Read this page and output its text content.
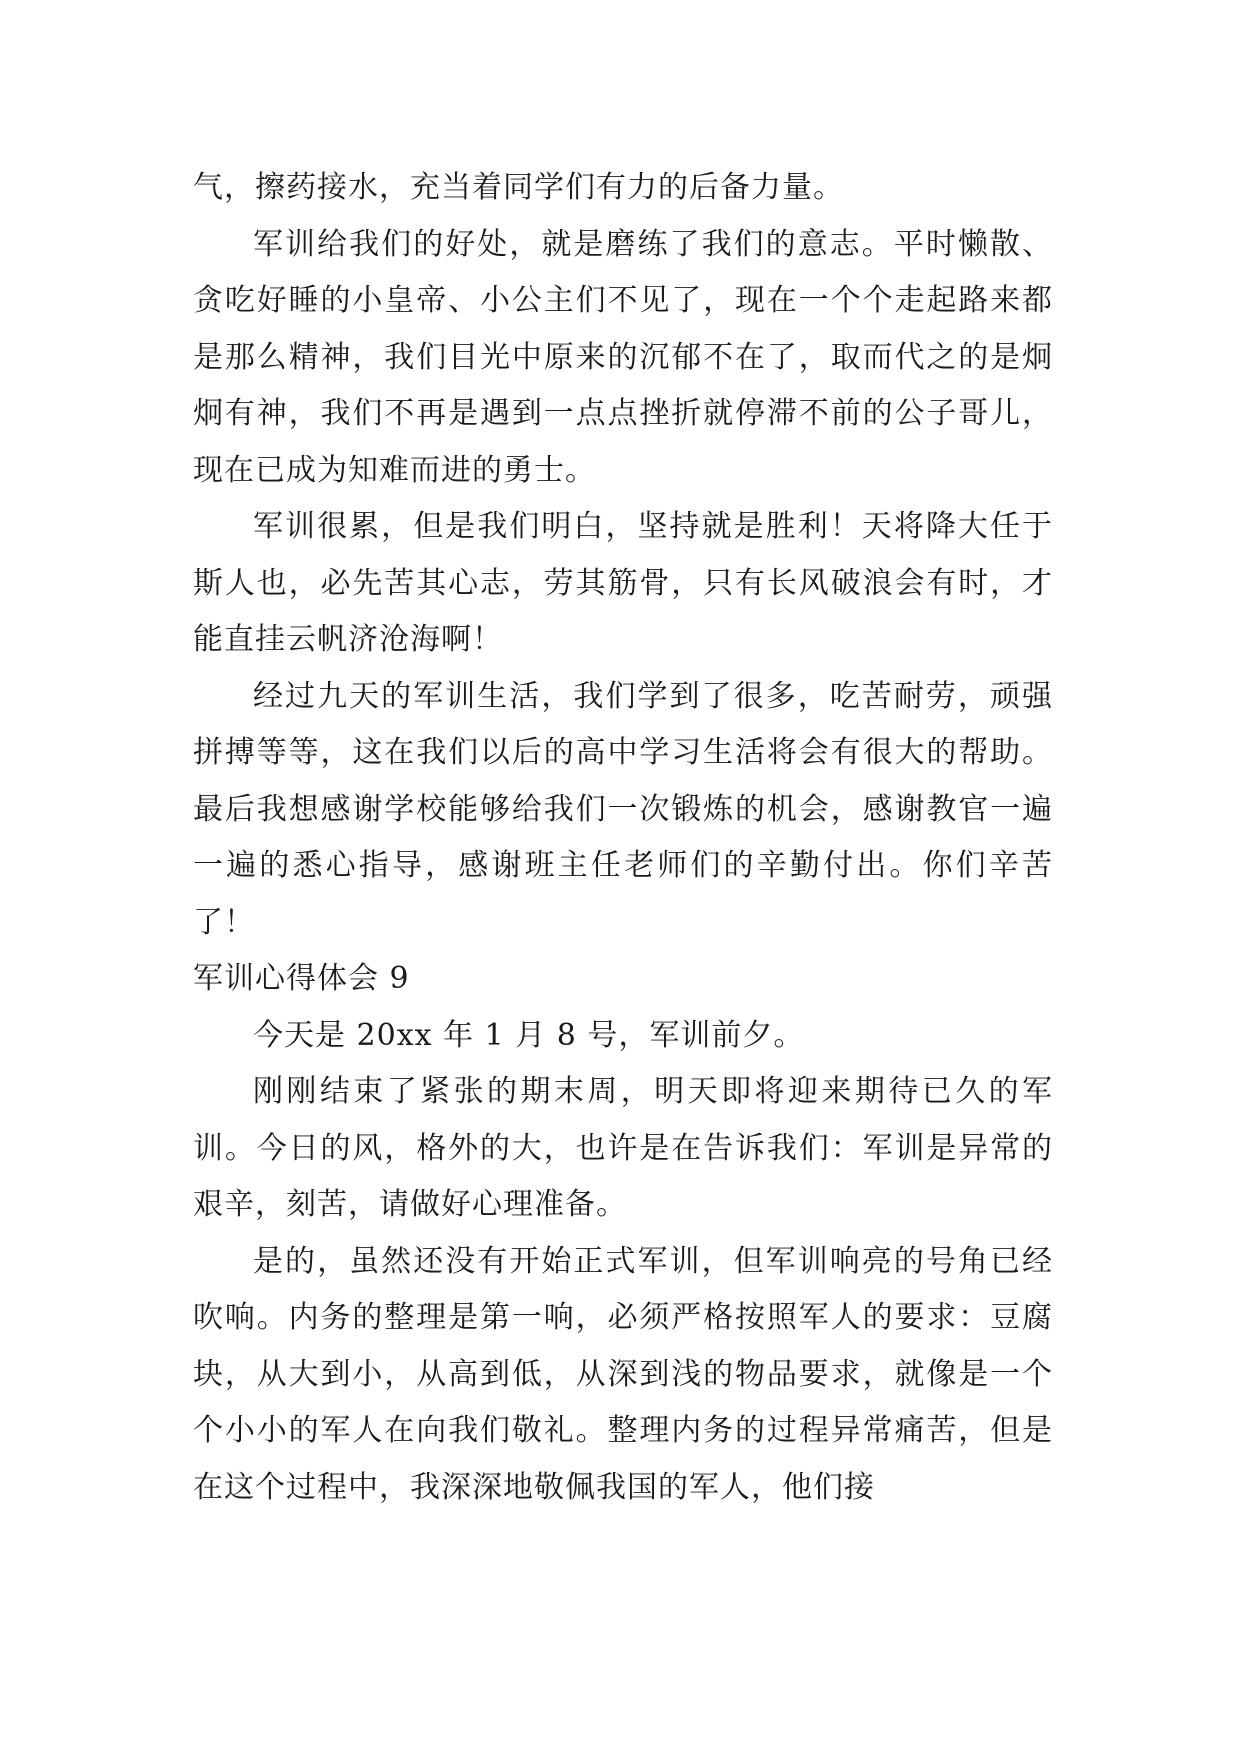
气，擦药接水，充当着同学们有力的后备力量。

军训给我们的好处，就是磨练了我们的意志。平时懒散、贪吃好睡的小皇帝、小公主们不见了，现在一个个走起路来都是那么精神，我们目光中原来的沉郁不在了，取而代之的是炯炯有神，我们不再是遇到一点点挫折就停滞不前的公子哥儿，现在已成为知难而进的勇士。

军训很累，但是我们明白，坚持就是胜利！天将降大任于斯人也，必先苦其心志，劳其筋骨，只有长风破浪会有时，才能直挂云帆济沧海啊！

经过九天的军训生活，我们学到了很多，吃苦耐劳，顽强拼搏等等，这在我们以后的高中学习生活将会有很大的帮助。最后我想感谢学校能够给我们一次锻炼的机会，感谢教官一遍一遍的悉心指导，感谢班主任老师们的辛勤付出。你们辛苦了！

军训心得体会 9

今天是 20xx 年 1 月 8 号，军训前夕。

刚刚结束了紧张的期末周，明天即将迎来期待已久的军训。今日的风，格外的大，也许是在告诉我们：军训是异常的艰辛，刻苦，请做好心理准备。

是的，虽然还没有开始正式军训，但军训响亮的号角已经吹响。内务的整理是第一响，必须严格按照军人的要求：豆腐块，从大到小，从高到低，从深到浅的物品要求，就像是一个个小小的军人在向我们敬礼。整理内务的过程异常痛苦，但是在这个过程中，我深深地敬佩我国的军人，他们接
